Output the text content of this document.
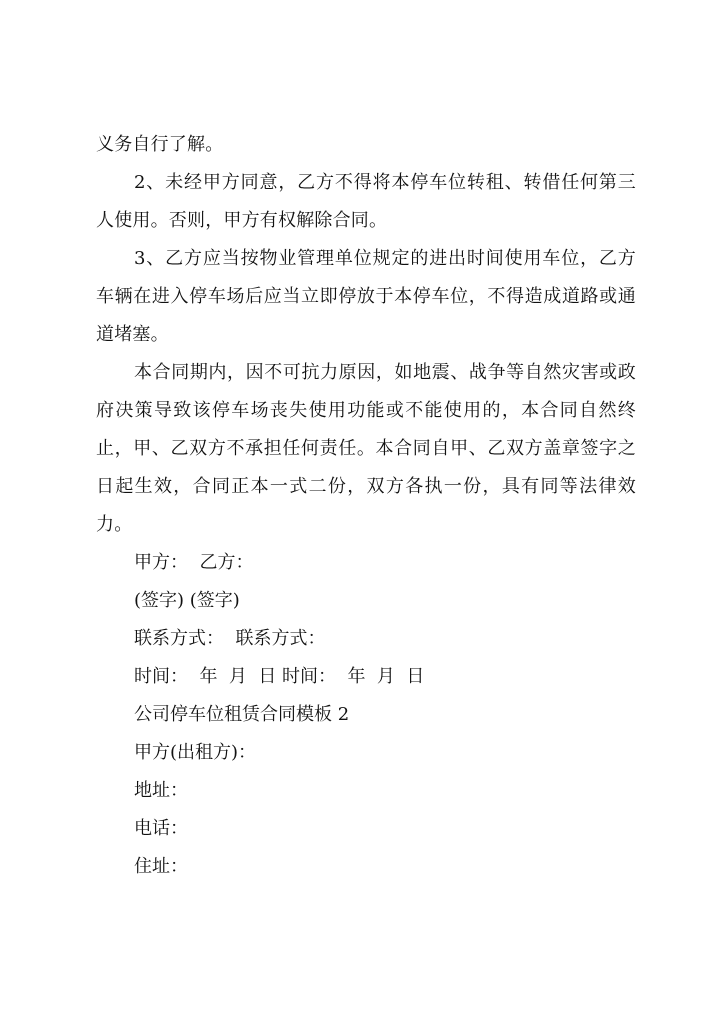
义务自行了解。

2、未经甲方同意，乙方不得将本停车位转租、转借任何第三人使用。否则，甲方有权解除合同。

3、乙方应当按物业管理单位规定的进出时间使用车位，乙方车辆在进入停车场后应当立即停放于本停车位，不得造成道路或通道堵塞。

本合同期内，因不可抗力原因，如地震、战争等自然灾害或政府决策导致该停车场丧失使用功能或不能使用的，本合同自然终止，甲、乙双方不承担任何责任。本合同自甲、乙双方盖章签字之日起生效，合同正本一式二份，双方各执一份，具有同等法律效力。

甲方：  乙方：

(签字) (签字)

联系方式：  联系方式：

时间：  年  月  日 时间：  年  月  日

公司停车位租赁合同模板 2

甲方(出租方)：

地址：

电话：

住址：
